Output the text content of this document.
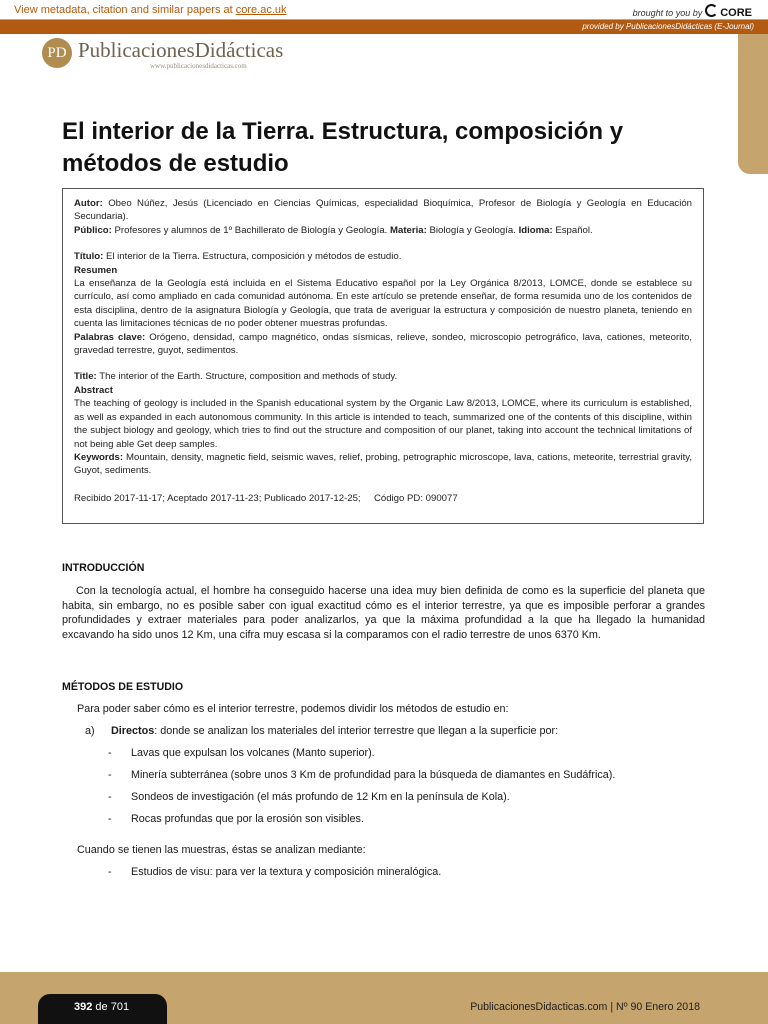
View metadata, citation and similar papers at core.ac.uk	brought to you by CORE
provided by PublicacionesDidácticas (E-Journal)
PD PublicacionesDidácticas
www.publicacionesdidacticas.com
El interior de la Tierra. Estructura, composición y métodos de estudio

Autor: Obeo Núñez, Jesús (Licenciado en Ciencias Químicas, especialidad Bioquímica, Profesor de Biología y Geología en Educación Secundaria).

Público: Profesores y alumnos de 1º Bachillerato de Biología y Geología. Materia: Biología y Geología. Idioma: Español.

Título: El interior de la Tierra. Estructura, composición y métodos de estudio.

Resumen

La enseñanza de la Geología está incluida en el Sistema Educativo español por la Ley Orgánica 8/2013, LOMCE, donde se establece su currículo, así como ampliado en cada comunidad autónoma. En este artículo se pretende enseñar, de forma resumida uno de los contenidos de esta disciplina, dentro de la asignatura Biología y Geología, que trata de averiguar la estructura y composición de nuestro planeta, teniendo en cuenta las limitaciones técnicas de no poder obtener muestras profundas.

Palabras clave: Orógeno, densidad, campo magnético, ondas sísmicas, relieve, sondeo, microscopio petrográfico, lava, cationes, meteorito, gravedad terrestre, guyot, sedimentos.

Title: The interior of the Earth. Structure, composition and methods of study.

Abstract

The teaching of geology is included in the Spanish educational system by the Organic Law 8/2013, LOMCE, where its curriculum is established, as well as expanded in each autonomous community. In this article is intended to teach, summarized one of the contents of this discipline, within the subject biology and geology, which tries to find out the structure and composition of our planet, taking into account the technical limitations of not being able Get deep samples.

Keywords: Mountain, density, magnetic field, seismic waves, relief, probing, petrographic microscope, lava, cations, meteorite, terrestrial gravity, Guyot, sediments.

Recibido 2017-11-17; Aceptado 2017-11-23; Publicado 2017-12-25; Código PD: 090077

INTRODUCCIÓN

Con la tecnología actual, el hombre ha conseguido hacerse una idea muy bien definida de como es la superficie del planeta que habita, sin embargo, no es posible saber con igual exactitud cómo es el interior terrestre, ya que es imposible perforar a grandes profundidades y extraer materiales para poder analizarlos, ya que la máxima profundidad a la que ha llegado la humanidad excavando ha sido unos 12 Km, una cifra muy escasa si la comparamos con el radio terrestre de unos 6370 Km.

MÉTODOS DE ESTUDIO
Para poder saber cómo es el interior terrestre, podemos dividir los métodos de estudio en:
a) Directos: donde se analizan los materiales del interior terrestre que llegan a la superficie por:
- Lavas que expulsan los volcanes (Manto superior).
- Minería subterránea (sobre unos 3 Km de profundidad para la búsqueda de diamantes en Sudáfrica).
- Sondeos de investigación (el más profundo de 12 Km en la península de Kola).
- Rocas profundas que por la erosión son visibles.
Cuando se tienen las muestras, éstas se analizan mediante:
- Estudios de visu: para ver la textura y composición mineralógica.
392 de 701	PublicacionesDidacticas.com | Nº 90 Enero 2018
